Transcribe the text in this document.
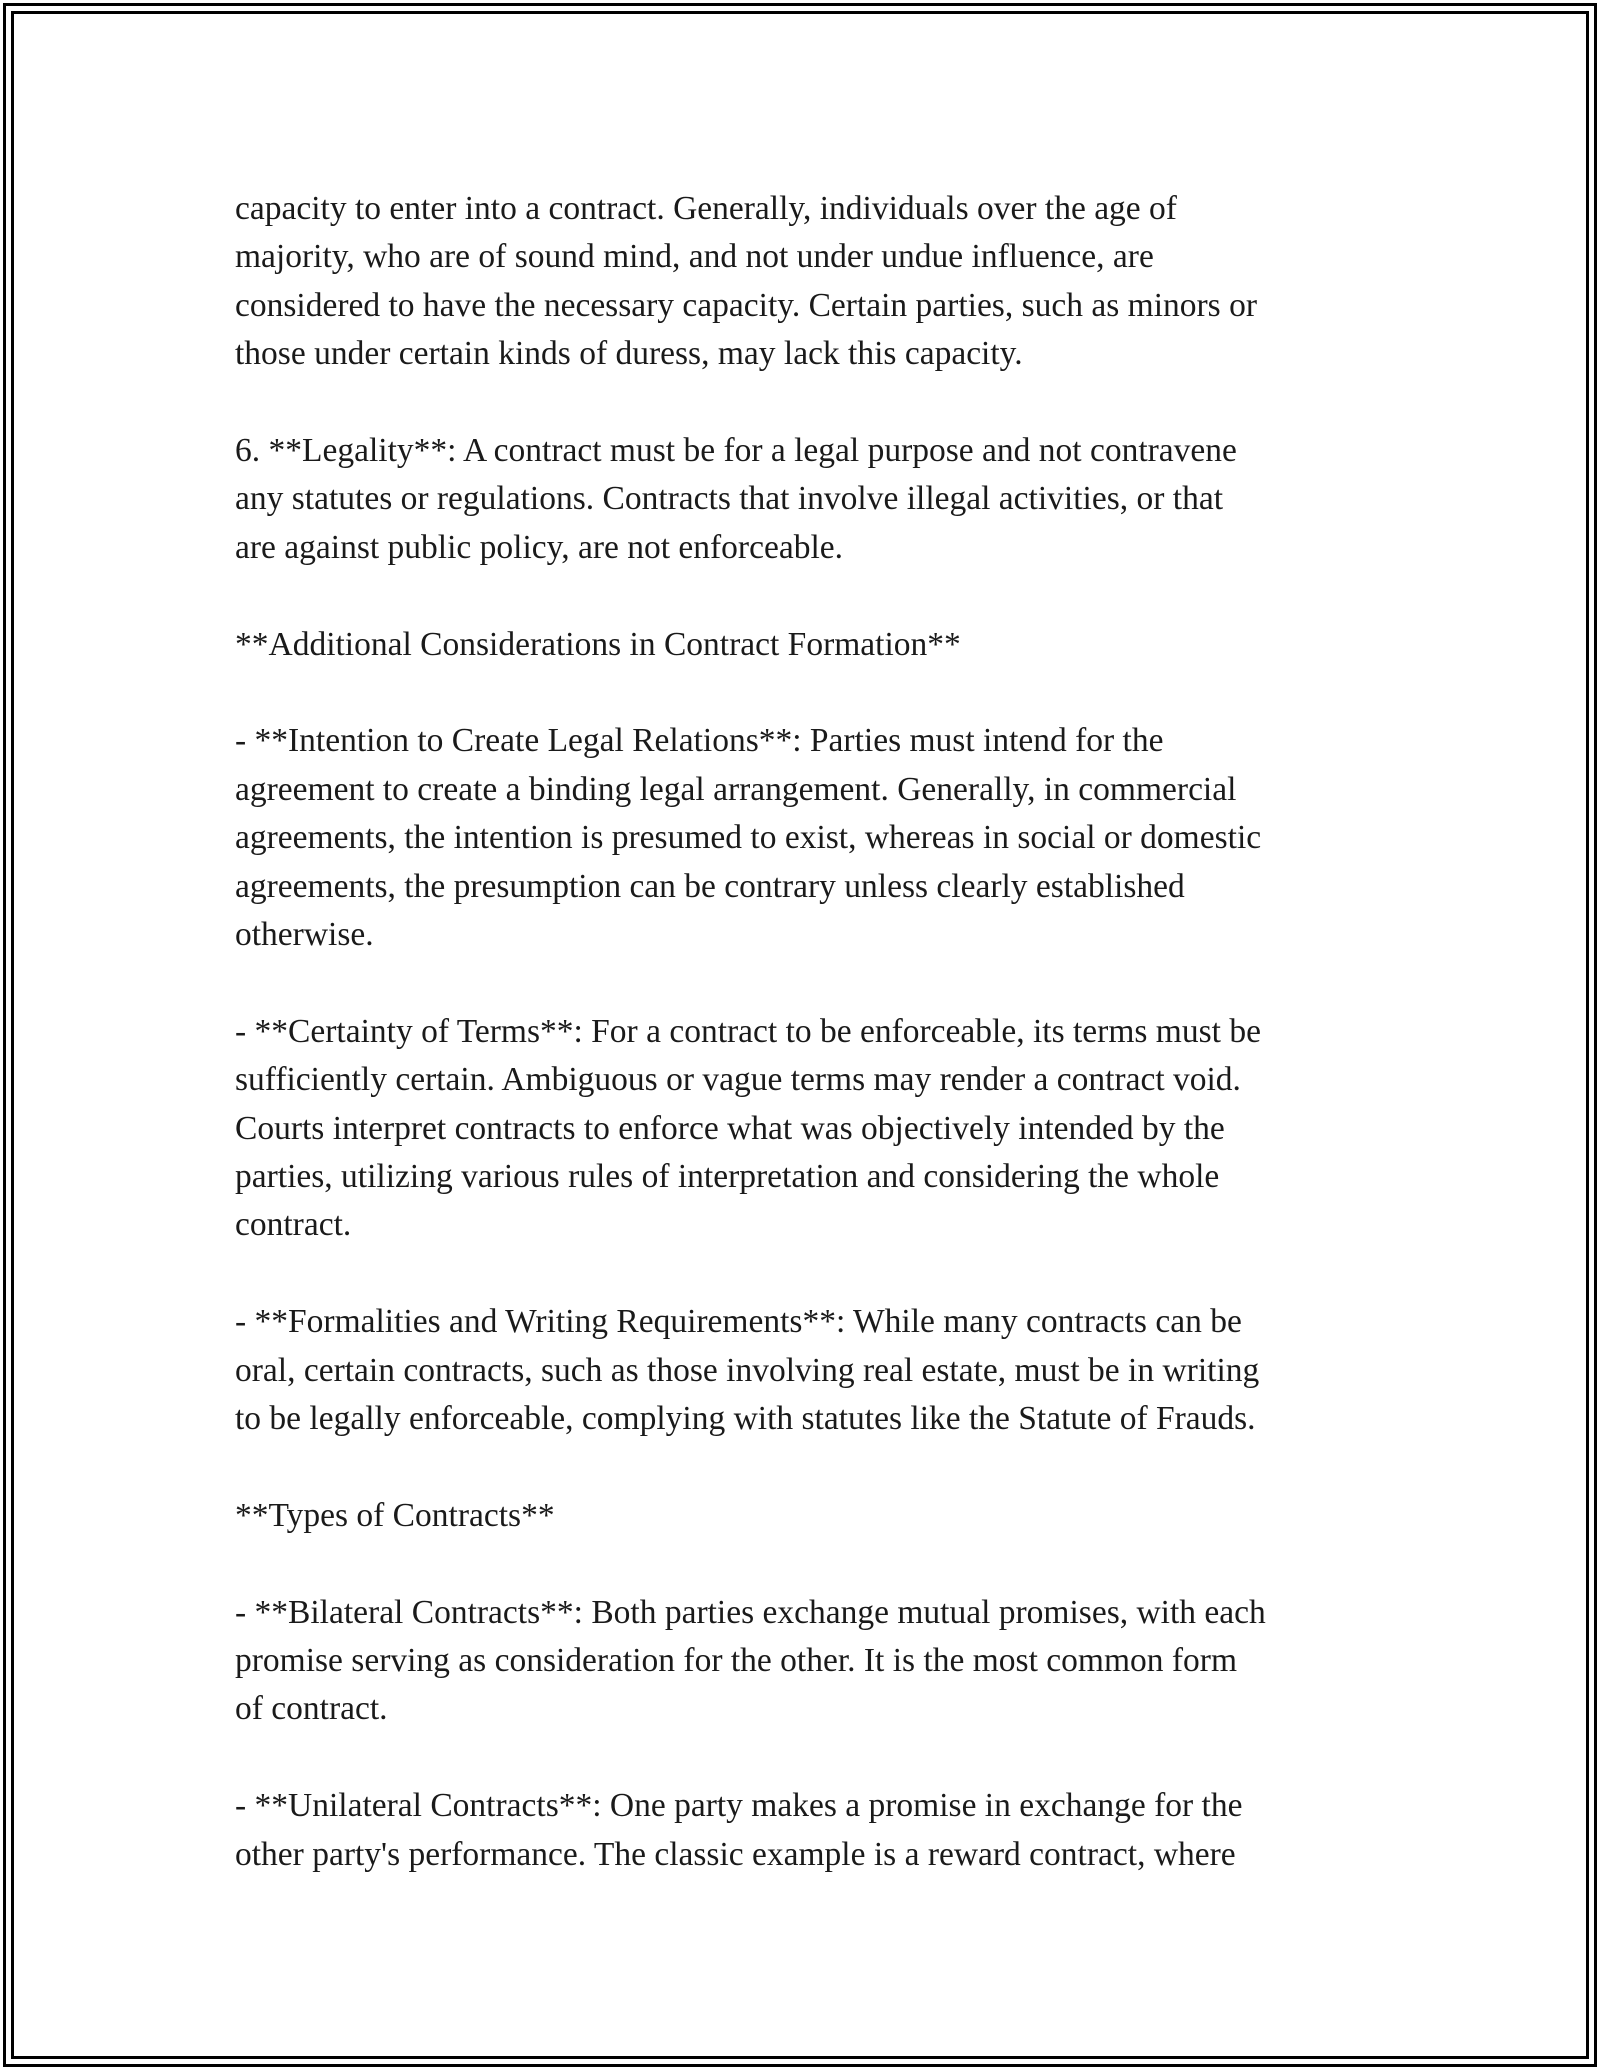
capacity to enter into a contract. Generally, individuals over the age of
majority, who are of sound mind, and not under undue influence, are
considered to have the necessary capacity. Certain parties, such as minors or
those under certain kinds of duress, may lack this capacity.

6. **Legality**: A contract must be for a legal purpose and not contravene
any statutes or regulations. Contracts that involve illegal activities, or that
are against public policy, are not enforceable.

**Additional Considerations in Contract Formation**

- **Intention to Create Legal Relations**: Parties must intend for the
agreement to create a binding legal arrangement. Generally, in commercial
agreements, the intention is presumed to exist, whereas in social or domestic
agreements, the presumption can be contrary unless clearly established
otherwise.

- **Certainty of Terms**: For a contract to be enforceable, its terms must be
sufficiently certain. Ambiguous or vague terms may render a contract void.
Courts interpret contracts to enforce what was objectively intended by the
parties, utilizing various rules of interpretation and considering the whole
contract.

- **Formalities and Writing Requirements**: While many contracts can be
oral, certain contracts, such as those involving real estate, must be in writing
to be legally enforceable, complying with statutes like the Statute of Frauds.

**Types of Contracts**

- **Bilateral Contracts**: Both parties exchange mutual promises, with each
promise serving as consideration for the other. It is the most common form
of contract.

- **Unilateral Contracts**: One party makes a promise in exchange for the
other party's performance. The classic example is a reward contract, where
